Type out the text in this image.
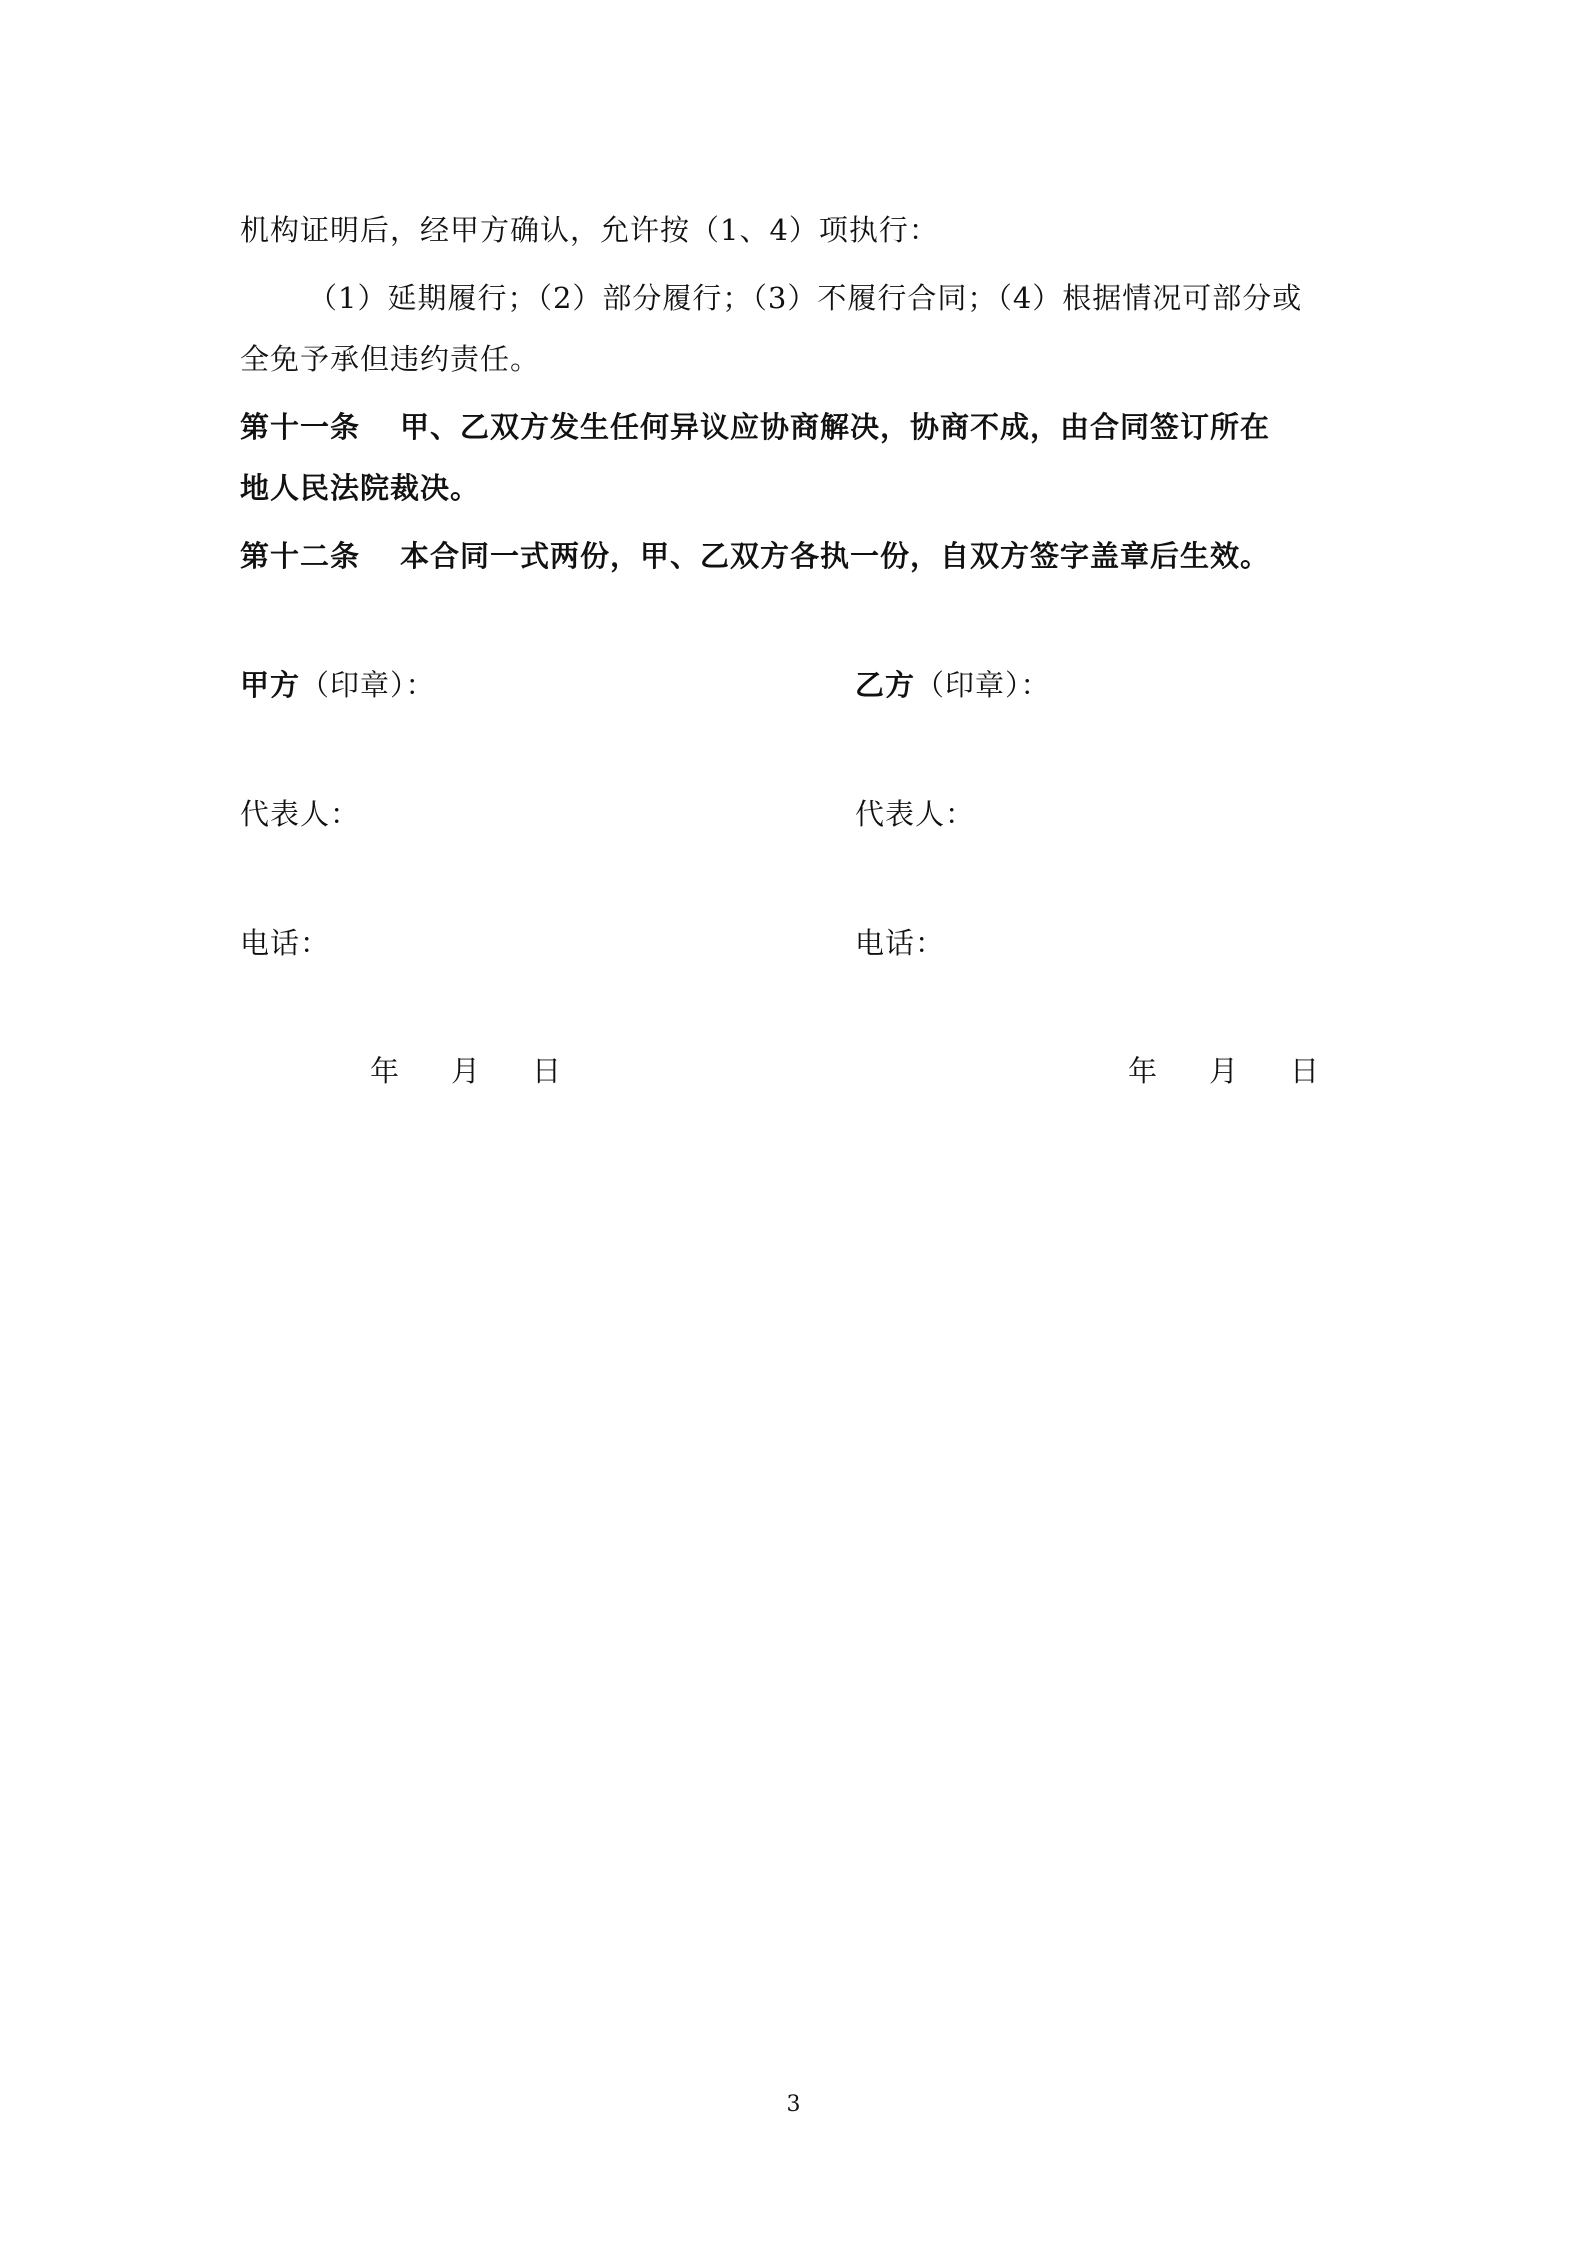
机构证明后，经甲方确认，允许按（1、4）项执行：
（1）延期履行；（2）部分履行；（3）不履行合同；（4）根据情况可部分或
全免予承但违约责任。
第十一条 甲、乙双方发生任何异议应协商解决，协商不成，由合同签订所在
地人民法院裁决。
第十二条 本合同一式两份，甲、乙双方各执一份，自双方签字盖章后生效。
甲方（印章）：
代表人：
电话：
乙方（印章）：
代表人：
电话：
年 月 日	年 月 日
3
